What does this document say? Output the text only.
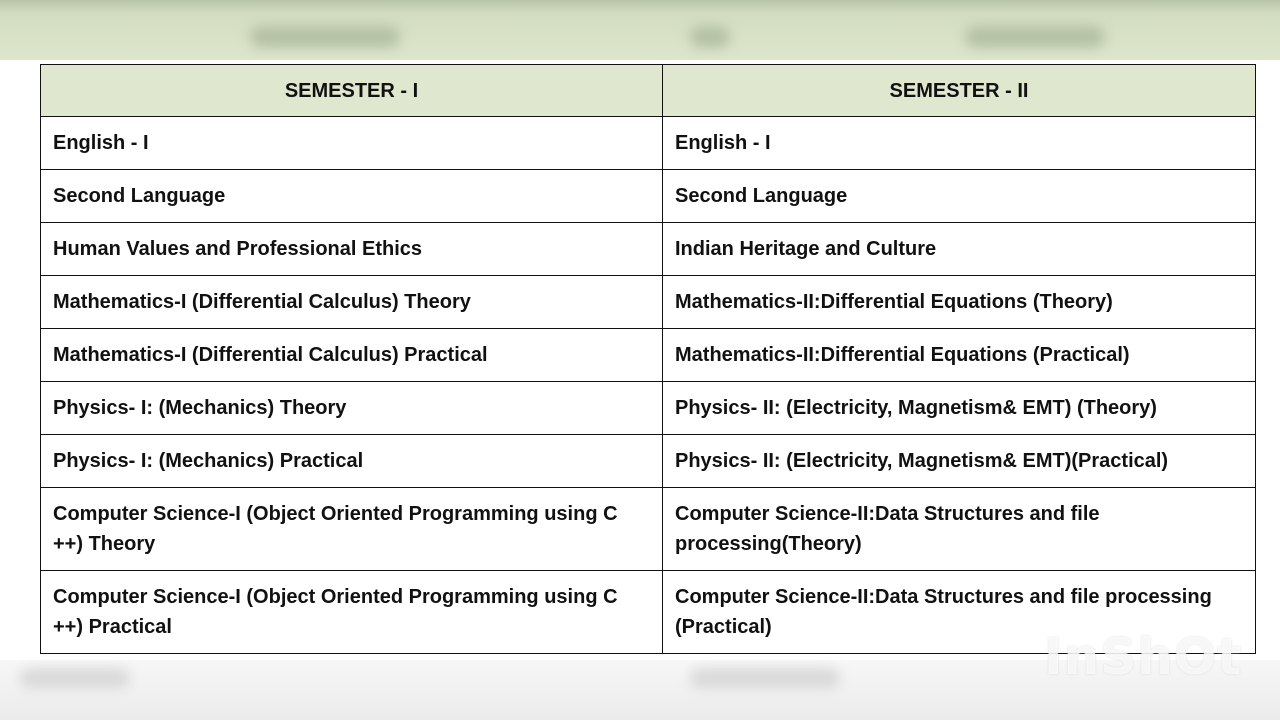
SEMESTER - I	SEMESTER - II
English - I	English - I
Second Language	Second Language
Human Values and Professional Ethics	Indian Heritage and Culture
Mathematics-I (Differential Calculus) Theory	Mathematics-II:Differential Equations (Theory)
Mathematics-I (Differential Calculus) Practical	Mathematics-II:Differential Equations (Practical)
Physics- I: (Mechanics) Theory	Physics- II: (Electricity, Magnetism& EMT) (Theory)
Physics- I: (Mechanics) Practical	Physics- II: (Electricity, Magnetism& EMT)(Practical)
Computer Science-I (Object Oriented Programming using C ++) Theory	Computer Science-II:Data Structures and file processing(Theory)
Computer Science-I (Object Oriented Programming using C ++) Practical	Computer Science-II:Data Structures and file processing (Practical)
InShOt
